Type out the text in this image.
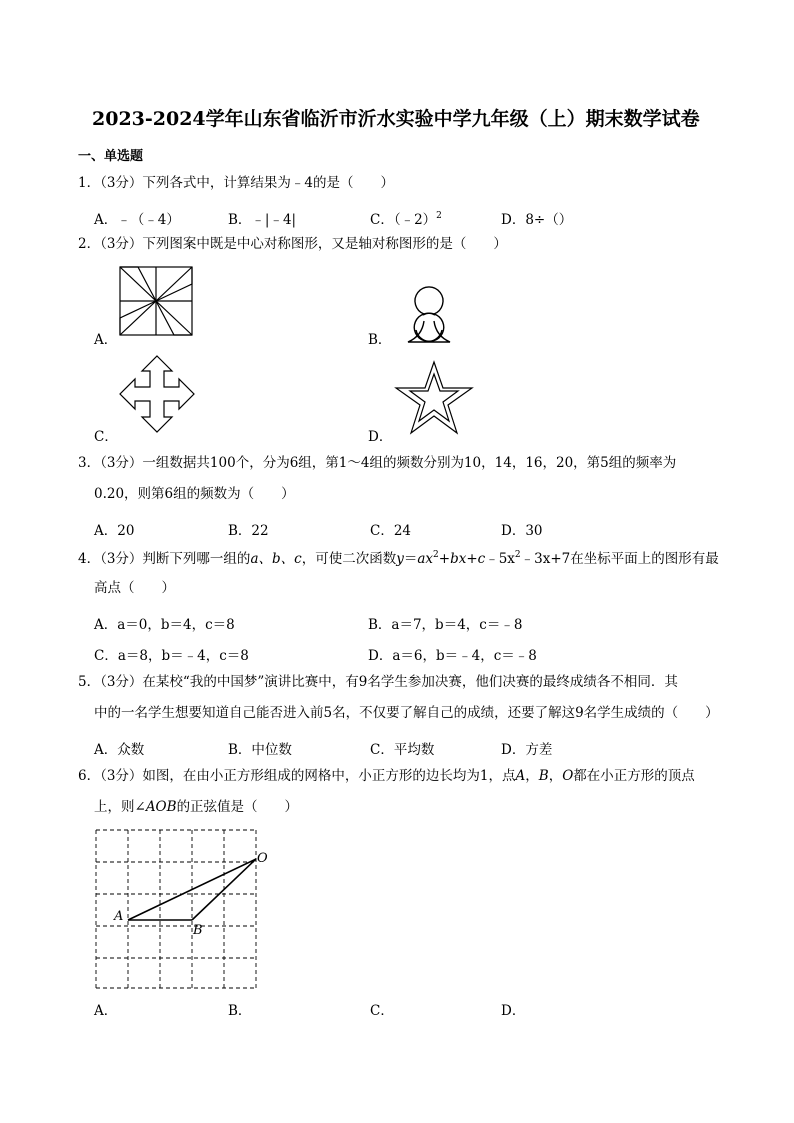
2023-2024学年山东省临沂市沂水实验中学九年级（上）期末数学试卷
一、单选题
1．（3分）下列各式中，计算结果为﹣4的是（　　）
A．﹣（﹣4）	B．﹣|﹣4|	C．（﹣2）$^2$	D．8÷（）
2．（3分）下列图案中既是中心对称图形，又是轴对称图形的是（　　）
A．	B．
C．	D．
3．（3分）一组数据共100个，分为6组，第1～4组的频数分别为10，14，16，20，第5组的频率为
0.20，则第6组的频数为（　　）
A．20	B．22	C．24	D．30
4．（3分）判断下列哪一组的a、b、c，可使二次函数$y=ax^2+bx+c﹣5x^2﹣3x+7$在坐标平面上的图形有最
高点（　　）
A．a＝0，b＝4，c＝8	B．a＝7，b＝4，c＝﹣8
C．a＝8，b＝﹣4，c＝8	D．a＝6，b＝﹣4，c＝﹣8
5．（3分）在某校“我的中国梦”演讲比赛中，有9名学生参加决赛，他们决赛的最终成绩各不相同．其
中的一名学生想要知道自己能否进入前5名，不仅要了解自己的成绩，还要了解这9名学生成绩的（　　）
A．众数	B．中位数	C．平均数	D．方差
6．（3分）如图，在由小正方形组成的网格中，小正方形的边长均为1，点A，B，O都在小正方形的顶点
上，则∠AOB的正弦值是（　　）
O
A
B
A．	B．	C．	D．
